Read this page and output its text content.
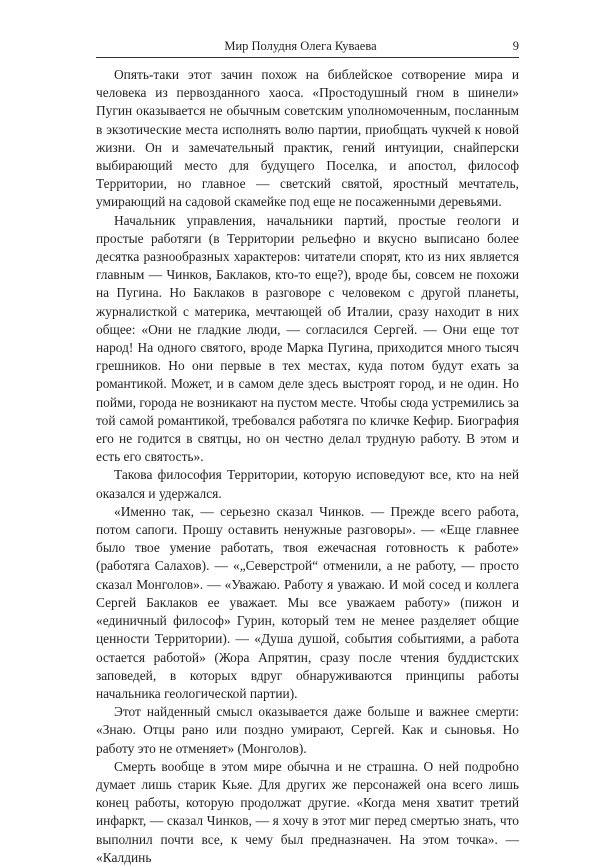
Мир Полудня Олега Куваева	9

Опять-таки этот зачин похож на библейское сотворение мира и человека из первозданного хаоса. «Простодушный гном в шинели» Пугин оказывается не обычным советским уполномоченным, посланным в экзотические места исполнять волю партии, приобщать чукчей к новой жизни. Он и замечательный практик, гений интуиции, снайперски выбирающий место для будущего Поселка, и апостол, философ Территории, но главное — светский святой, яростный мечтатель, умирающий на садовой скамейке под еще не посаженными деревьями.

Начальник управления, начальники партий, простые геологи и простые работяги (в Территории рельефно и вкусно выписано более десятка разнообразных характеров: читатели спорят, кто из них является главным — Чинков, Баклаков, кто-то еще?), вроде бы, совсем не похожи на Пугина. Но Баклаков в разговоре с человеком с другой планеты, журналисткой с материка, мечтающей об Италии, сразу находит в них общее: «Они не гладкие люди, — согласился Сергей. — Они еще тот народ! На одного святого, вроде Марка Пугина, приходится много тысяч грешников. Но они первые в тех местах, куда потом будут ехать за романтикой. Может, и в самом деле здесь выстроят город, и не один. Но пойми, города не возникают на пустом месте. Чтобы сюда устремились за той самой романтикой, требовался работяга по кличке Кефир. Биография его не годится в святцы, но он честно делал трудную работу. В этом и есть его святость».

Такова философия Территории, которую исповедуют все, кто на ней оказался и удержался.

«Именно так, — серьезно сказал Чинков. — Прежде всего работа, потом сапоги. Прошу оставить ненужные разговоры». — «Еще главнее было твое умение работать, твоя ежечасная готовность к работе» (работяга Салахов). — «„Северстрой“ отменили, а не работу, — просто сказал Монголов». — «Уважаю. Работу я уважаю. И мой сосед и коллега Сергей Баклаков ее уважает. Мы все уважаем работу» (пижон и «единичный философ» Гурин, который тем не менее разделяет общие ценности Территории). — «Душа душой, события событиями, а работа остается работой» (Жора Апрятин, сразу после чтения буддистских заповедей, в которых вдруг обнаруживаются принципы работы начальника геологической партии).

Этот найденный смысл оказывается даже больше и важнее смерти: «Знаю. Отцы рано или поздно умирают, Сергей. Как и сыновья. Но работу это не отменяет» (Монголов).

Смерть вообще в этом мире обычна и не страшна. О ней подробно думает лишь старик Кьяе. Для других же персонажей она всего лишь конец работы, которую продолжат другие. «Когда меня хватит третий инфаркт, — сказал Чинков, — я хочу в этот миг перед смертью знать, что выполнил почти все, к чему был предназначен. На этом точка». — «Калдинь
